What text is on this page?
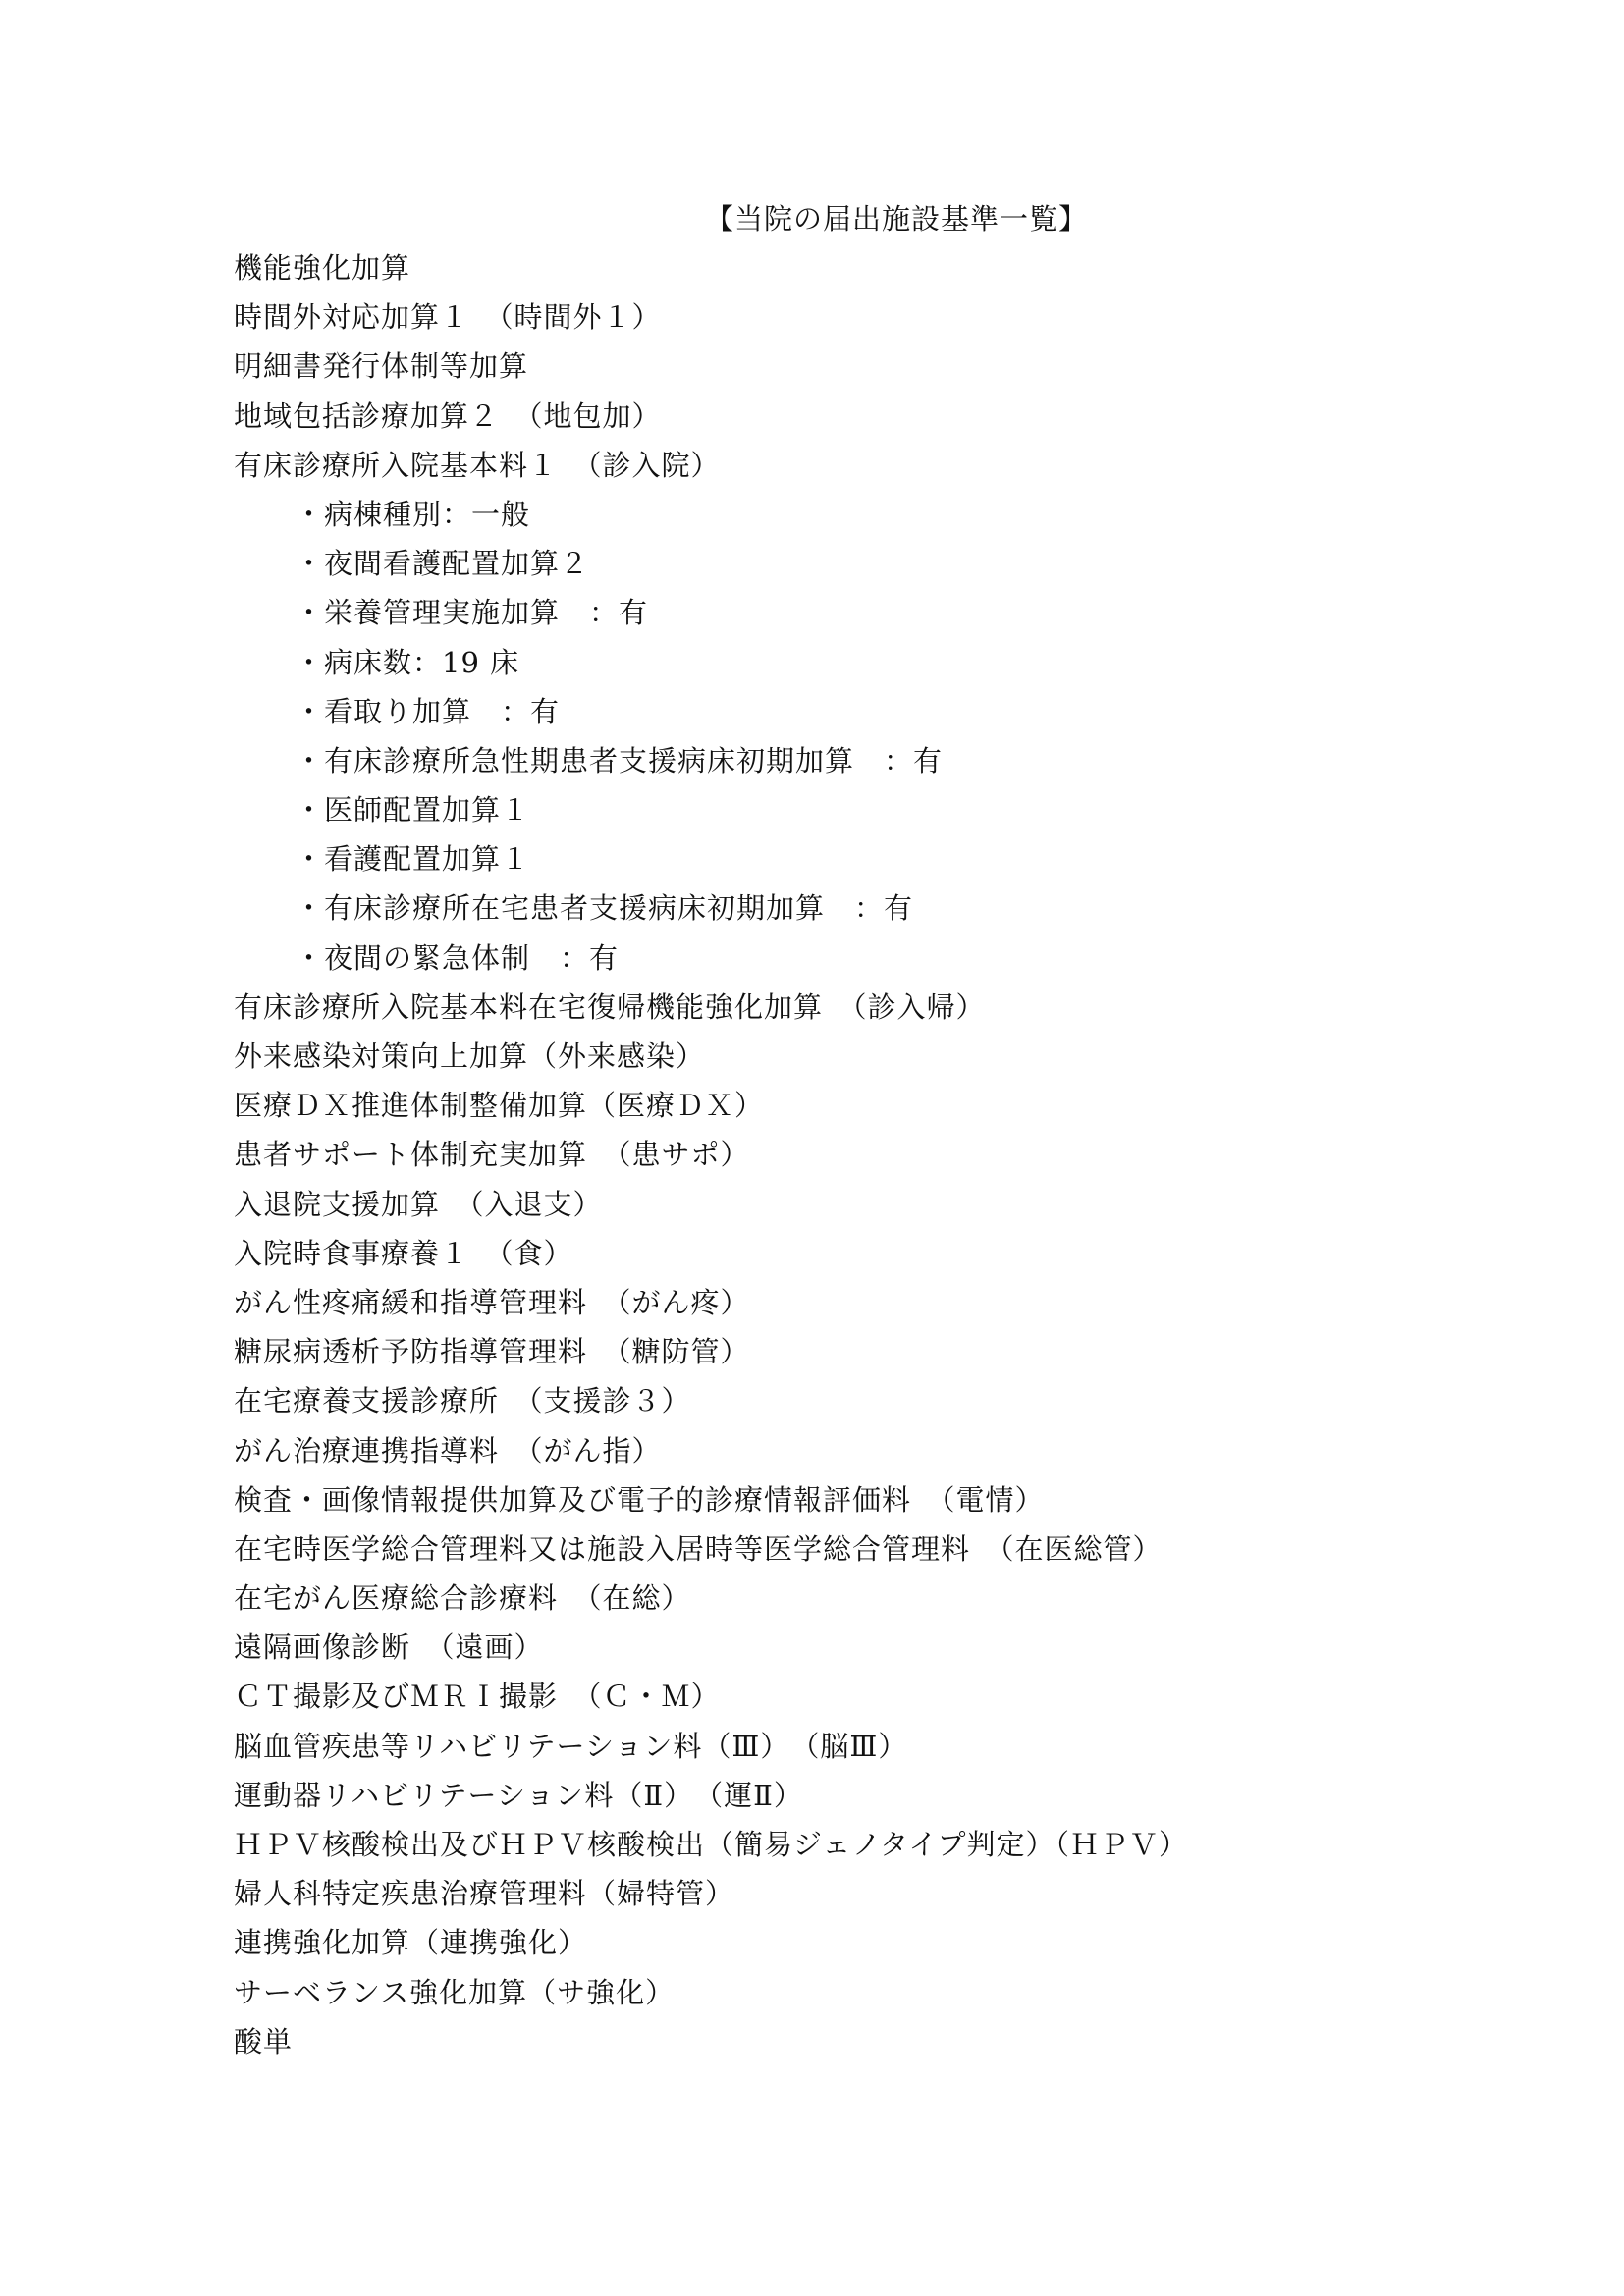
【当院の届出施設基準一覧】
機能強化加算
時間外対応加算１　（時間外１）
明細書発行体制等加算
地域包括診療加算２　（地包加）
有床診療所入院基本料１　（診入院）
・病棟種別：一般
・夜間看護配置加算２
・栄養管理実施加算　：有
・病床数：19 床
・看取り加算　：有
・有床診療所急性期患者支援病床初期加算　：有
・医師配置加算１
・看護配置加算１
・有床診療所在宅患者支援病床初期加算　：有
・夜間の緊急体制　：有
有床診療所入院基本料在宅復帰機能強化加算　（診入帰）
外来感染対策向上加算（外来感染）
医療ＤＸ推進体制整備加算（医療ＤＸ）
患者サポート体制充実加算　（患サポ）
入退院支援加算　（入退支）
入院時食事療養１　（食）
がん性疼痛緩和指導管理料　（がん疼）
糖尿病透析予防指導管理料　（糖防管）
在宅療養支援診療所　（支援診３）
がん治療連携指導料　（がん指）
検査・画像情報提供加算及び電子的診療情報評価料　（電情）
在宅時医学総合管理料又は施設入居時等医学総合管理料　（在医総管）
在宅がん医療総合診療料　（在総）
遠隔画像診断　（遠画）
ＣＴ撮影及びＭＲＩ撮影　（Ｃ・Ｍ）
脳血管疾患等リハビリテーション料（Ⅲ）　（脳Ⅲ）
運動器リハビリテーション料（Ⅱ）　（運Ⅱ）
ＨＰＶ核酸検出及びＨＰＶ核酸検出（簡易ジェノタイプ判定）（ＨＰＶ）
婦人科特定疾患治療管理料（婦特管）
連携強化加算（連携強化）
サーベランス強化加算（サ強化）
酸単
